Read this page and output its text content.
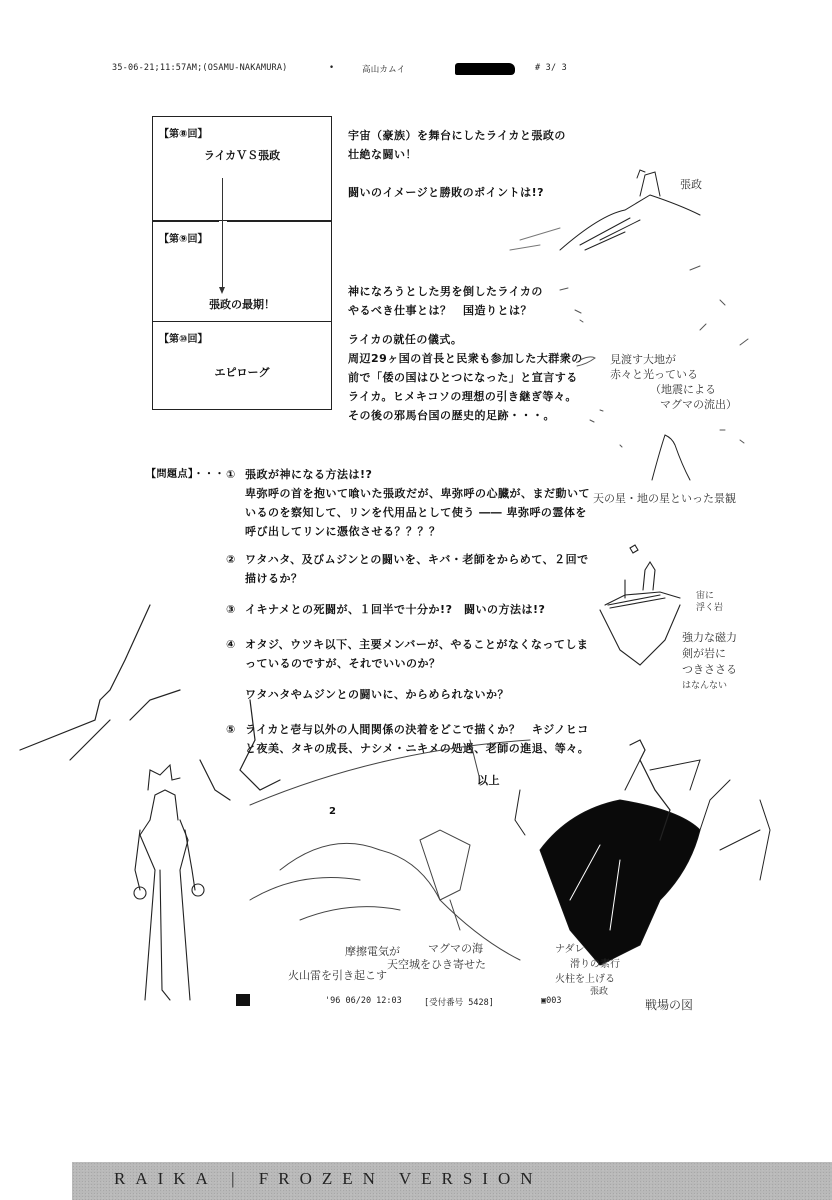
35-06-21;11:57AM;(OSAMU-NAKAMURA)	•	高山カムイ	# 3/ 3
【第⑧回】
ライカＶＳ張政
【第⑨回】
張政の最期！
【第⑩回】
エピローグ
宇宙（豪族）を舞台にしたライカと張政の
壮絶な闘い！
闘いのイメージと勝敗のポイントは!?
神になろうとした男を倒したライカの
やるべき仕事とは？　国造りとは？
ライカの就任の儀式。
周辺29ヶ国の首長と民衆も参加した大群衆の
前で「倭の国はひとつになった」と宣言する
ライカ。ヒメキコソの理想の引き継ぎ等々。
その後の邪馬台国の歴史的足跡・・・。
【問題点】・・・ ① 張政が神になる方法は!?
卑弥呼の首を抱いて喰いた張政だが、卑弥呼の心臓が、まだ動いて
いるのを察知して、リンを代用品として使う ―― 卑弥呼の霊体を
呼び出してリンに憑依させる？？？？
② ワタハタ、及びムジンとの闘いを、キバ・老師をからめて、２回で
描けるか？
③ イキナメとの死闘が、１回半で十分か!?　闘いの方法は!?
④ オタジ、ウツキ以下、主要メンバーが、やることがなくなってしま
っているのですが、それでいいのか？
ワタハタやムジンとの闘いに、からめられないか？
⑤ ライカと壱与以外の人間関係の決着をどこで描くか？　キジノヒコ
と夜美、タキの成長、ナシメ・ニキメの処遇、老師の進退、等々。
以上
2
張政
見渡す大地が
赤々と光っている
（地震による
マグマの流出）
天の星・地の星といった景観
宙に
浮く岩
強力な磁力
剣が岩に
つきささる
はなんない
摩擦電気が	マグマの海
天空城をひき寄せた
火山雷を引き起こす
ナダレ
滑りの素行
火柱を上げる
張政
戦場の図
'96 06/20 12:03	[受付番号 5428]	▣003
RAIKA | FROZEN VERSION
